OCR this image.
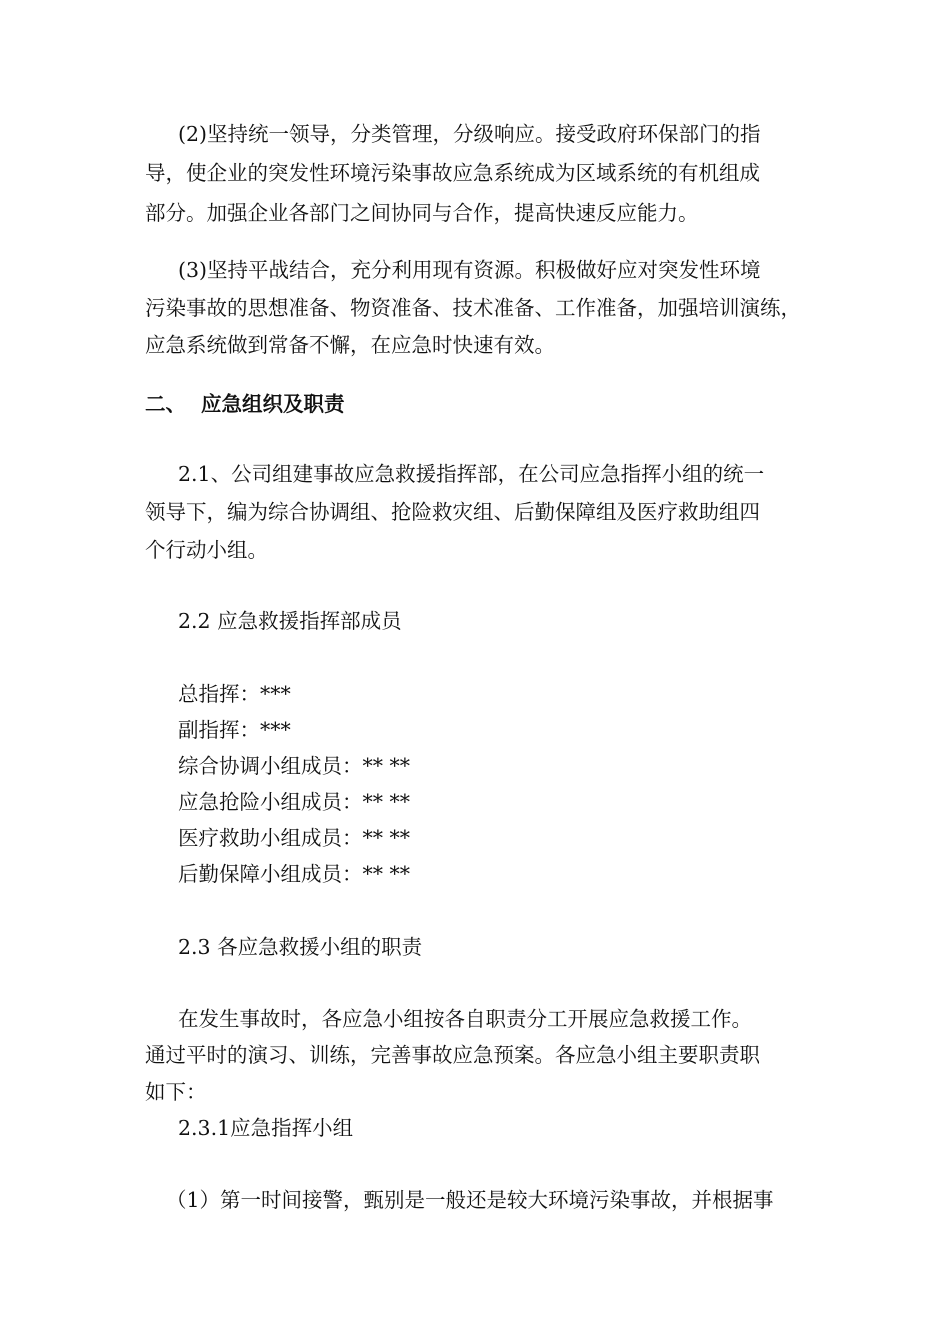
(2)坚持统一领导，分类管理，分级响应。接受政府环保部门的指
导，使企业的突发性环境污染事故应急系统成为区域系统的有机组成
部分。加强企业各部门之间协同与合作，提高快速反应能力。
(3)坚持平战结合，充分利用现有资源。积极做好应对突发性环境
污染事故的思想准备、物资准备、技术准备、工作准备，加强培训演练，
应急系统做到常备不懈，在应急时快速有效。
二、 应急组织及职责
2.1、公司组建事故应急救援指挥部，在公司应急指挥小组的统一
领导下，编为综合协调组、抢险救灾组、后勤保障组及医疗救助组四
个行动小组。
2.2 应急救援指挥部成员
总指挥：***
副指挥：***
综合协调小组成员：** **
应急抢险小组成员：** **
医疗救助小组成员：** **
后勤保障小组成员：** **
2.3 各应急救援小组的职责
在发生事故时，各应急小组按各自职责分工开展应急救援工作。
通过平时的演习、训练，完善事故应急预案。各应急小组主要职责职
如下：
2.3.1应急指挥小组
（1）第一时间接警，甄别是一般还是较大环境污染事故，并根据事
